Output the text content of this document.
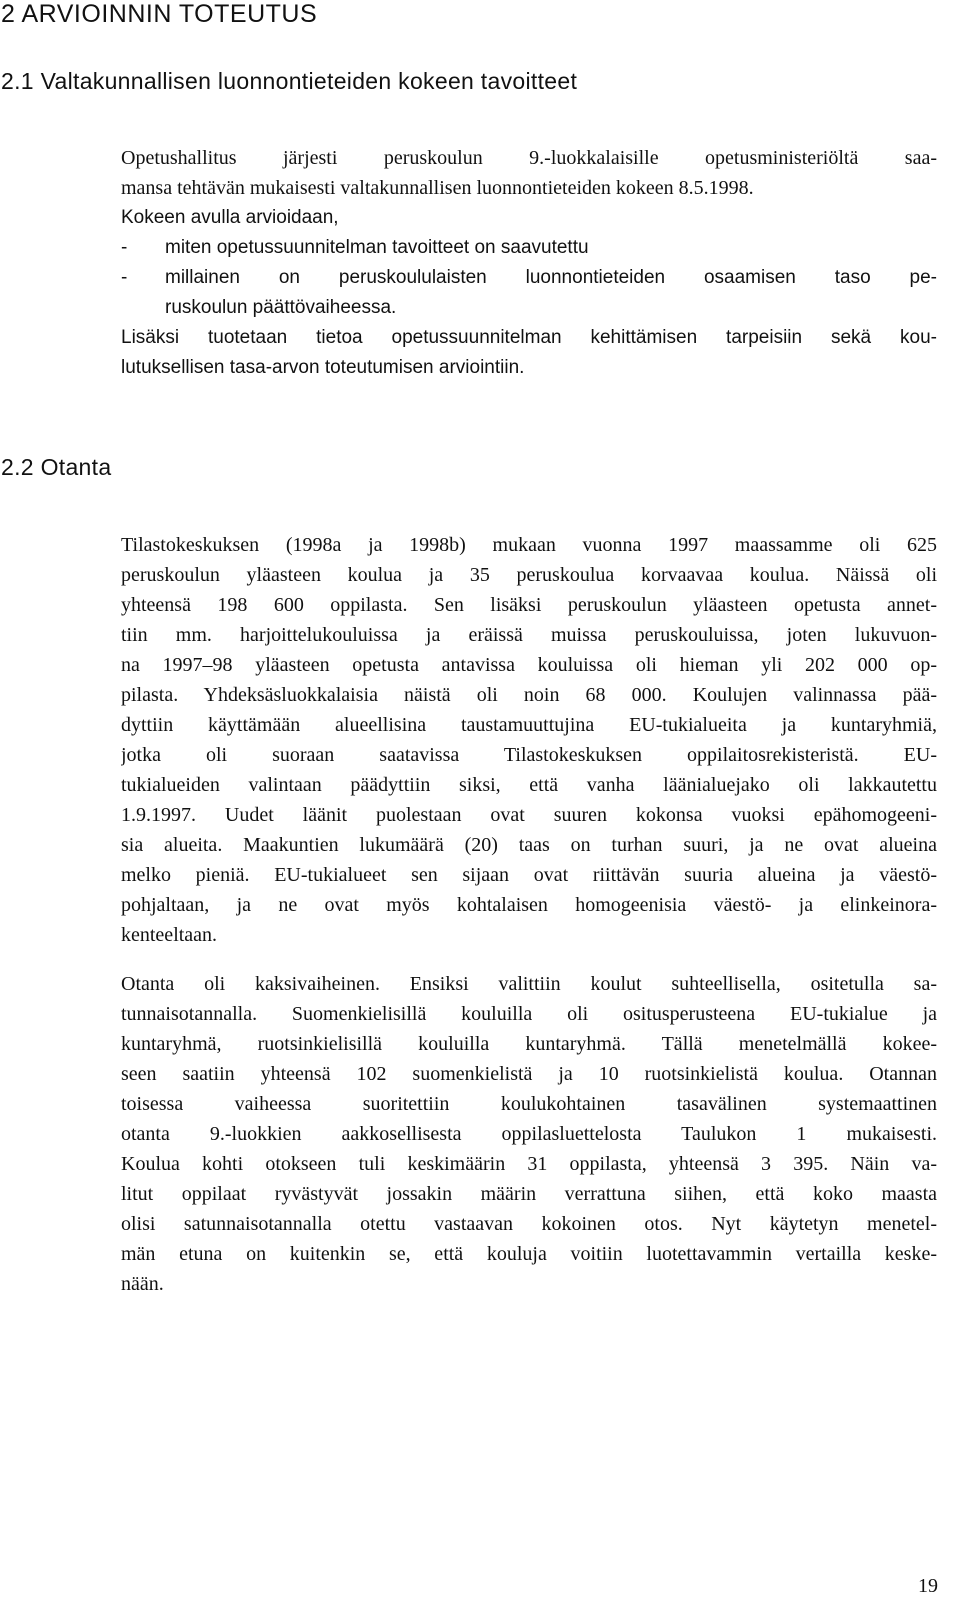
2 ARVIOINNIN TOTEUTUS
2.1 Valtakunnallisen luonnontieteiden kokeen tavoitteet
Opetushallitus järjesti peruskoulun 9.-luokkalaisille opetusministeriöltä saa-
mansa tehtävän mukaisesti valtakunnallisen luonnontieteiden kokeen 8.5.1998.
Kokeen avulla arvioidaan,
-	miten opetussuunnitelman tavoitteet on saavutettu
-	millainen on peruskoululaisten luonnontieteiden osaamisen taso pe-
ruskoulun päättövaiheessa.
Lisäksi tuotetaan tietoa opetussuunnitelman kehittämisen tarpeisiin sekä kou-
lutuksellisen tasa-arvon toteutumisen arviointiin.
2.2 Otanta
Tilastokeskuksen (1998a ja 1998b) mukaan vuonna 1997 maassamme oli 625
peruskoulun yläasteen koulua ja 35 peruskoulua korvaavaa koulua. Näissä oli
yhteensä 198 600 oppilasta. Sen lisäksi peruskoulun yläasteen opetusta annet-
tiin mm. harjoittelukouluissa ja eräissä muissa peruskouluissa, joten lukuvuon-
na 1997–98 yläasteen opetusta antavissa kouluissa oli hieman yli 202 000 op-
pilasta. Yhdeksäsluokkalaisia näistä oli noin 68 000. Koulujen valinnassa pää-
dyttiin käyttämään alueellisina taustamuuttujina EU-tukialueita ja kuntaryhmiä,
jotka oli suoraan saatavissa Tilastokeskuksen oppilaitosrekisteristä. EU-
tukialueiden valintaan päädyttiin siksi, että vanha läänialuejako oli lakkautettu
1.9.1997. Uudet läänit puolestaan ovat suuren kokonsa vuoksi epähomogeeni-
sia alueita. Maakuntien lukumäärä (20) taas on turhan suuri, ja ne ovat alueina
melko pieniä. EU-tukialueet sen sijaan ovat riittävän suuria alueina ja väestö-
pohjaltaan, ja ne ovat myös kohtalaisen homogeenisia väestö- ja elinkeinora-
kenteeltaan.
Otanta oli kaksivaiheinen. Ensiksi valittiin koulut suhteellisella, ositetulla sa-
tunnaisotannalla. Suomenkielisillä kouluilla oli ositusperusteena EU-tukialue ja
kuntaryhmä, ruotsinkielisillä kouluilla kuntaryhmä. Tällä menetelmällä kokee-
seen saatiin yhteensä 102 suomenkielistä ja 10 ruotsinkielistä koulua. Otannan
toisessa vaiheessa suoritettiin koulukohtainen tasavälinen systemaattinen
otanta 9.-luokkien aakkosellisesta oppilasluettelosta Taulukon 1 mukaisesti.
Koulua kohti otokseen tuli keskimäärin 31 oppilasta, yhteensä 3 395. Näin va-
litut oppilaat ryvästyvät jossakin määrin verrattuna siihen, että koko maasta
olisi satunnaisotannalla otettu vastaavan kokoinen otos. Nyt käytetyn menetel-
män etuna on kuitenkin se, että kouluja voitiin luotettavammin vertailla keske-
nään.
19
